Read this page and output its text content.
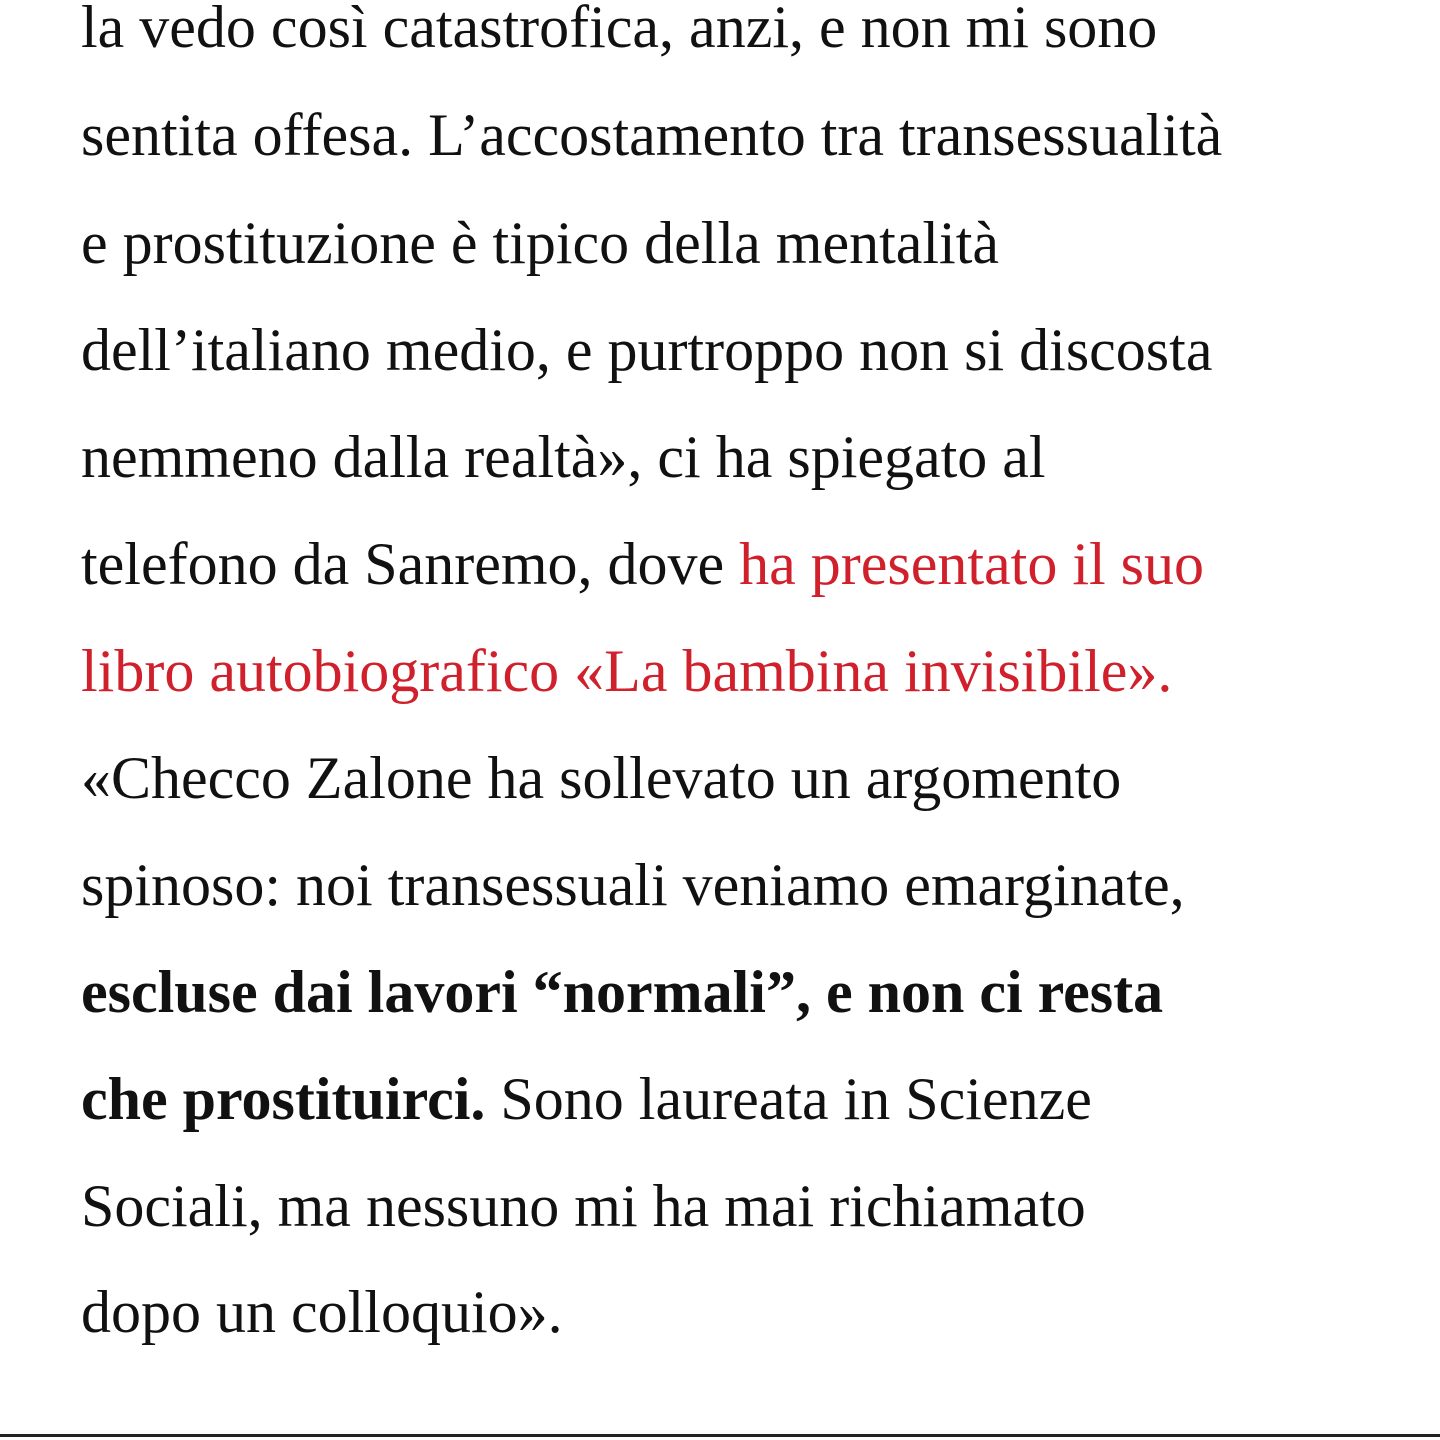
la vedo così catastrofica, anzi, e non mi sono
sentita offesa. L’accostamento tra transessualità
e prostituzione è tipico della mentalità
dell’italiano medio, e purtroppo non si discosta
nemmeno dalla realtà», ci ha spiegato al
telefono da Sanremo, dove ha presentato il suo
libro autobiografico «La bambina invisibile».
«Checco Zalone ha sollevato un argomento
spinoso: noi transessuali veniamo emarginate,
escluse dai lavori “normali”, e non ci resta
che prostituirci. Sono laureata in Scienze
Sociali, ma nessuno mi ha mai richiamato
dopo un colloquio».
